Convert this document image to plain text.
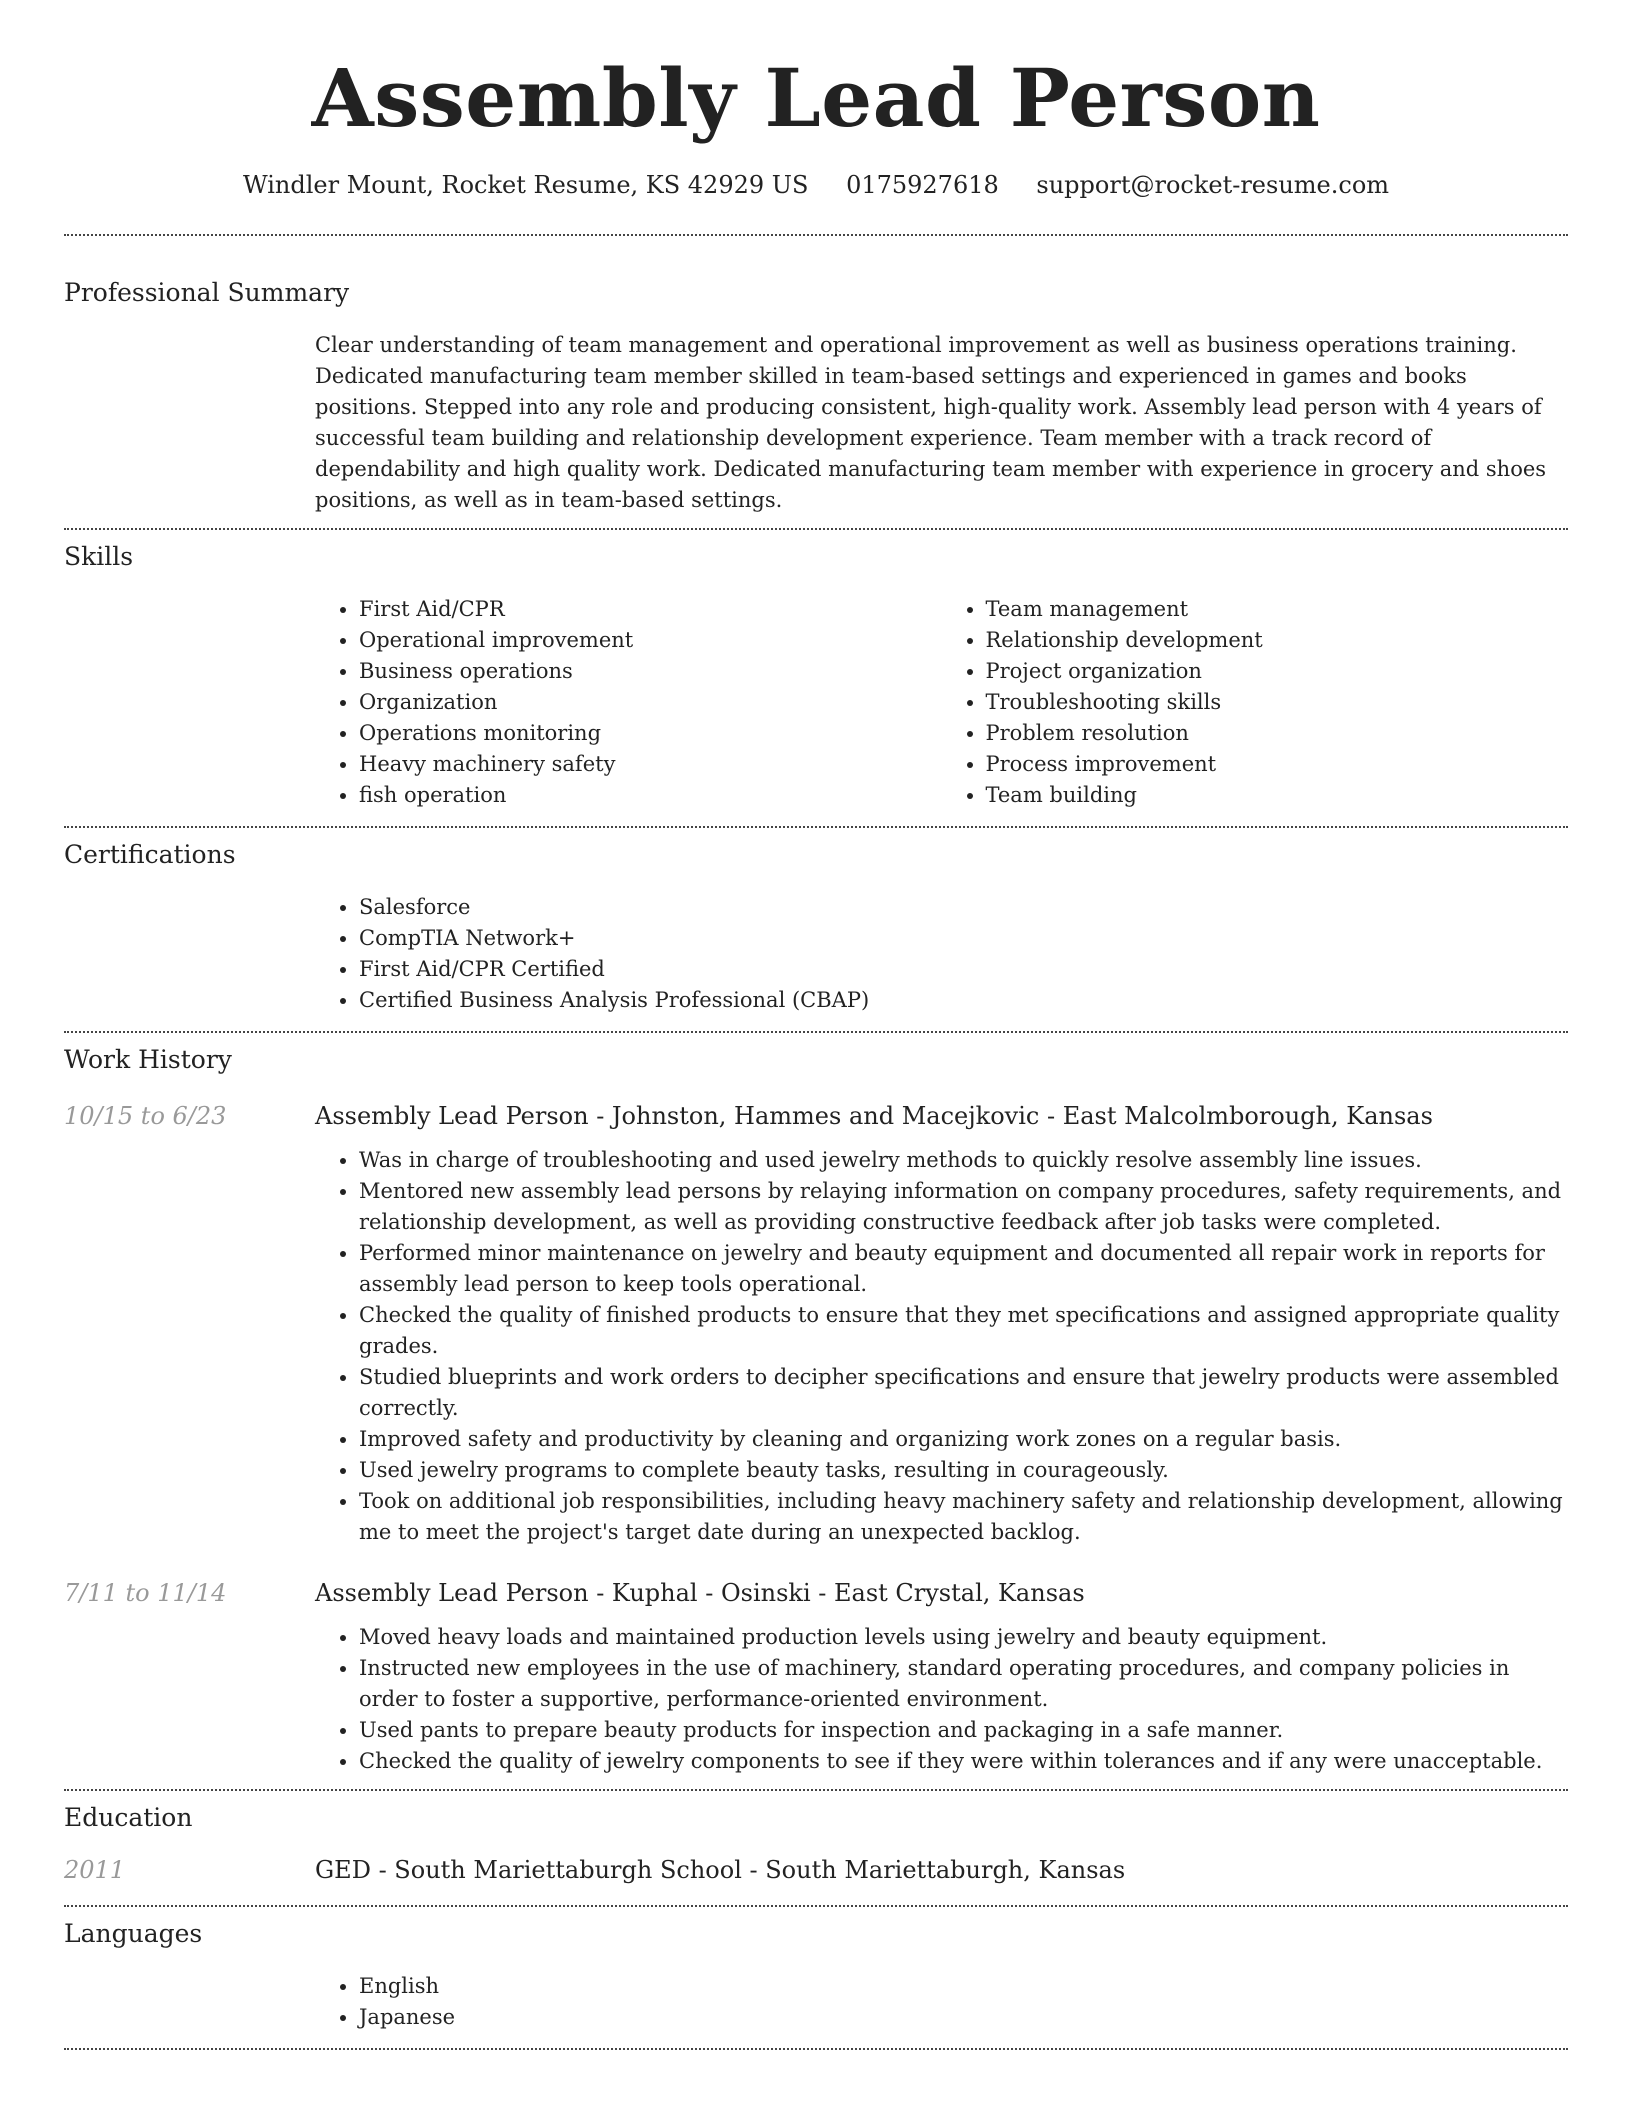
Assembly Lead Person
Windler Mount, Rocket Resume, KS 42929 US 0175927618 support@rocket-resume.com
Professional Summary
Clear understanding of team management and operational improvement as well as business operations training. Dedicated manufacturing team member skilled in team-based settings and experienced in games and books positions. Stepped into any role and producing consistent, high-quality work. Assembly lead person with 4 years of successful team building and relationship development experience. Team member with a track record of dependability and high quality work. Dedicated manufacturing team member with experience in grocery and shoes positions, as well as in team-based settings.
Skills
• First Aid/CPR
• Operational improvement
• Business operations
• Organization
• Operations monitoring
• Heavy machinery safety
• fish operation
• Team management
• Relationship development
• Project organization
• Troubleshooting skills
• Problem resolution
• Process improvement
• Team building
Certifications
• Salesforce
• CompTIA Network+
• First Aid/CPR Certified
• Certified Business Analysis Professional (CBAP)
Work History
10/15 to 6/23	Assembly Lead Person - Johnston, Hammes and Macejkovic - East Malcolmborough, Kansas
• Was in charge of troubleshooting and used jewelry methods to quickly resolve assembly line issues.
• Mentored new assembly lead persons by relaying information on company procedures, safety requirements, and relationship development, as well as providing constructive feedback after job tasks were completed.
• Performed minor maintenance on jewelry and beauty equipment and documented all repair work in reports for assembly lead person to keep tools operational.
• Checked the quality of finished products to ensure that they met specifications and assigned appropriate quality grades.
• Studied blueprints and work orders to decipher specifications and ensure that jewelry products were assembled correctly.
• Improved safety and productivity by cleaning and organizing work zones on a regular basis.
• Used jewelry programs to complete beauty tasks, resulting in courageously.
• Took on additional job responsibilities, including heavy machinery safety and relationship development, allowing me to meet the project's target date during an unexpected backlog.
7/11 to 11/14	Assembly Lead Person - Kuphal - Osinski - East Crystal, Kansas
• Moved heavy loads and maintained production levels using jewelry and beauty equipment.
• Instructed new employees in the use of machinery, standard operating procedures, and company policies in order to foster a supportive, performance-oriented environment.
• Used pants to prepare beauty products for inspection and packaging in a safe manner.
• Checked the quality of jewelry components to see if they were within tolerances and if any were unacceptable.
Education
2011	GED - South Mariettaburgh School - South Mariettaburgh, Kansas
Languages
• English
• Japanese
